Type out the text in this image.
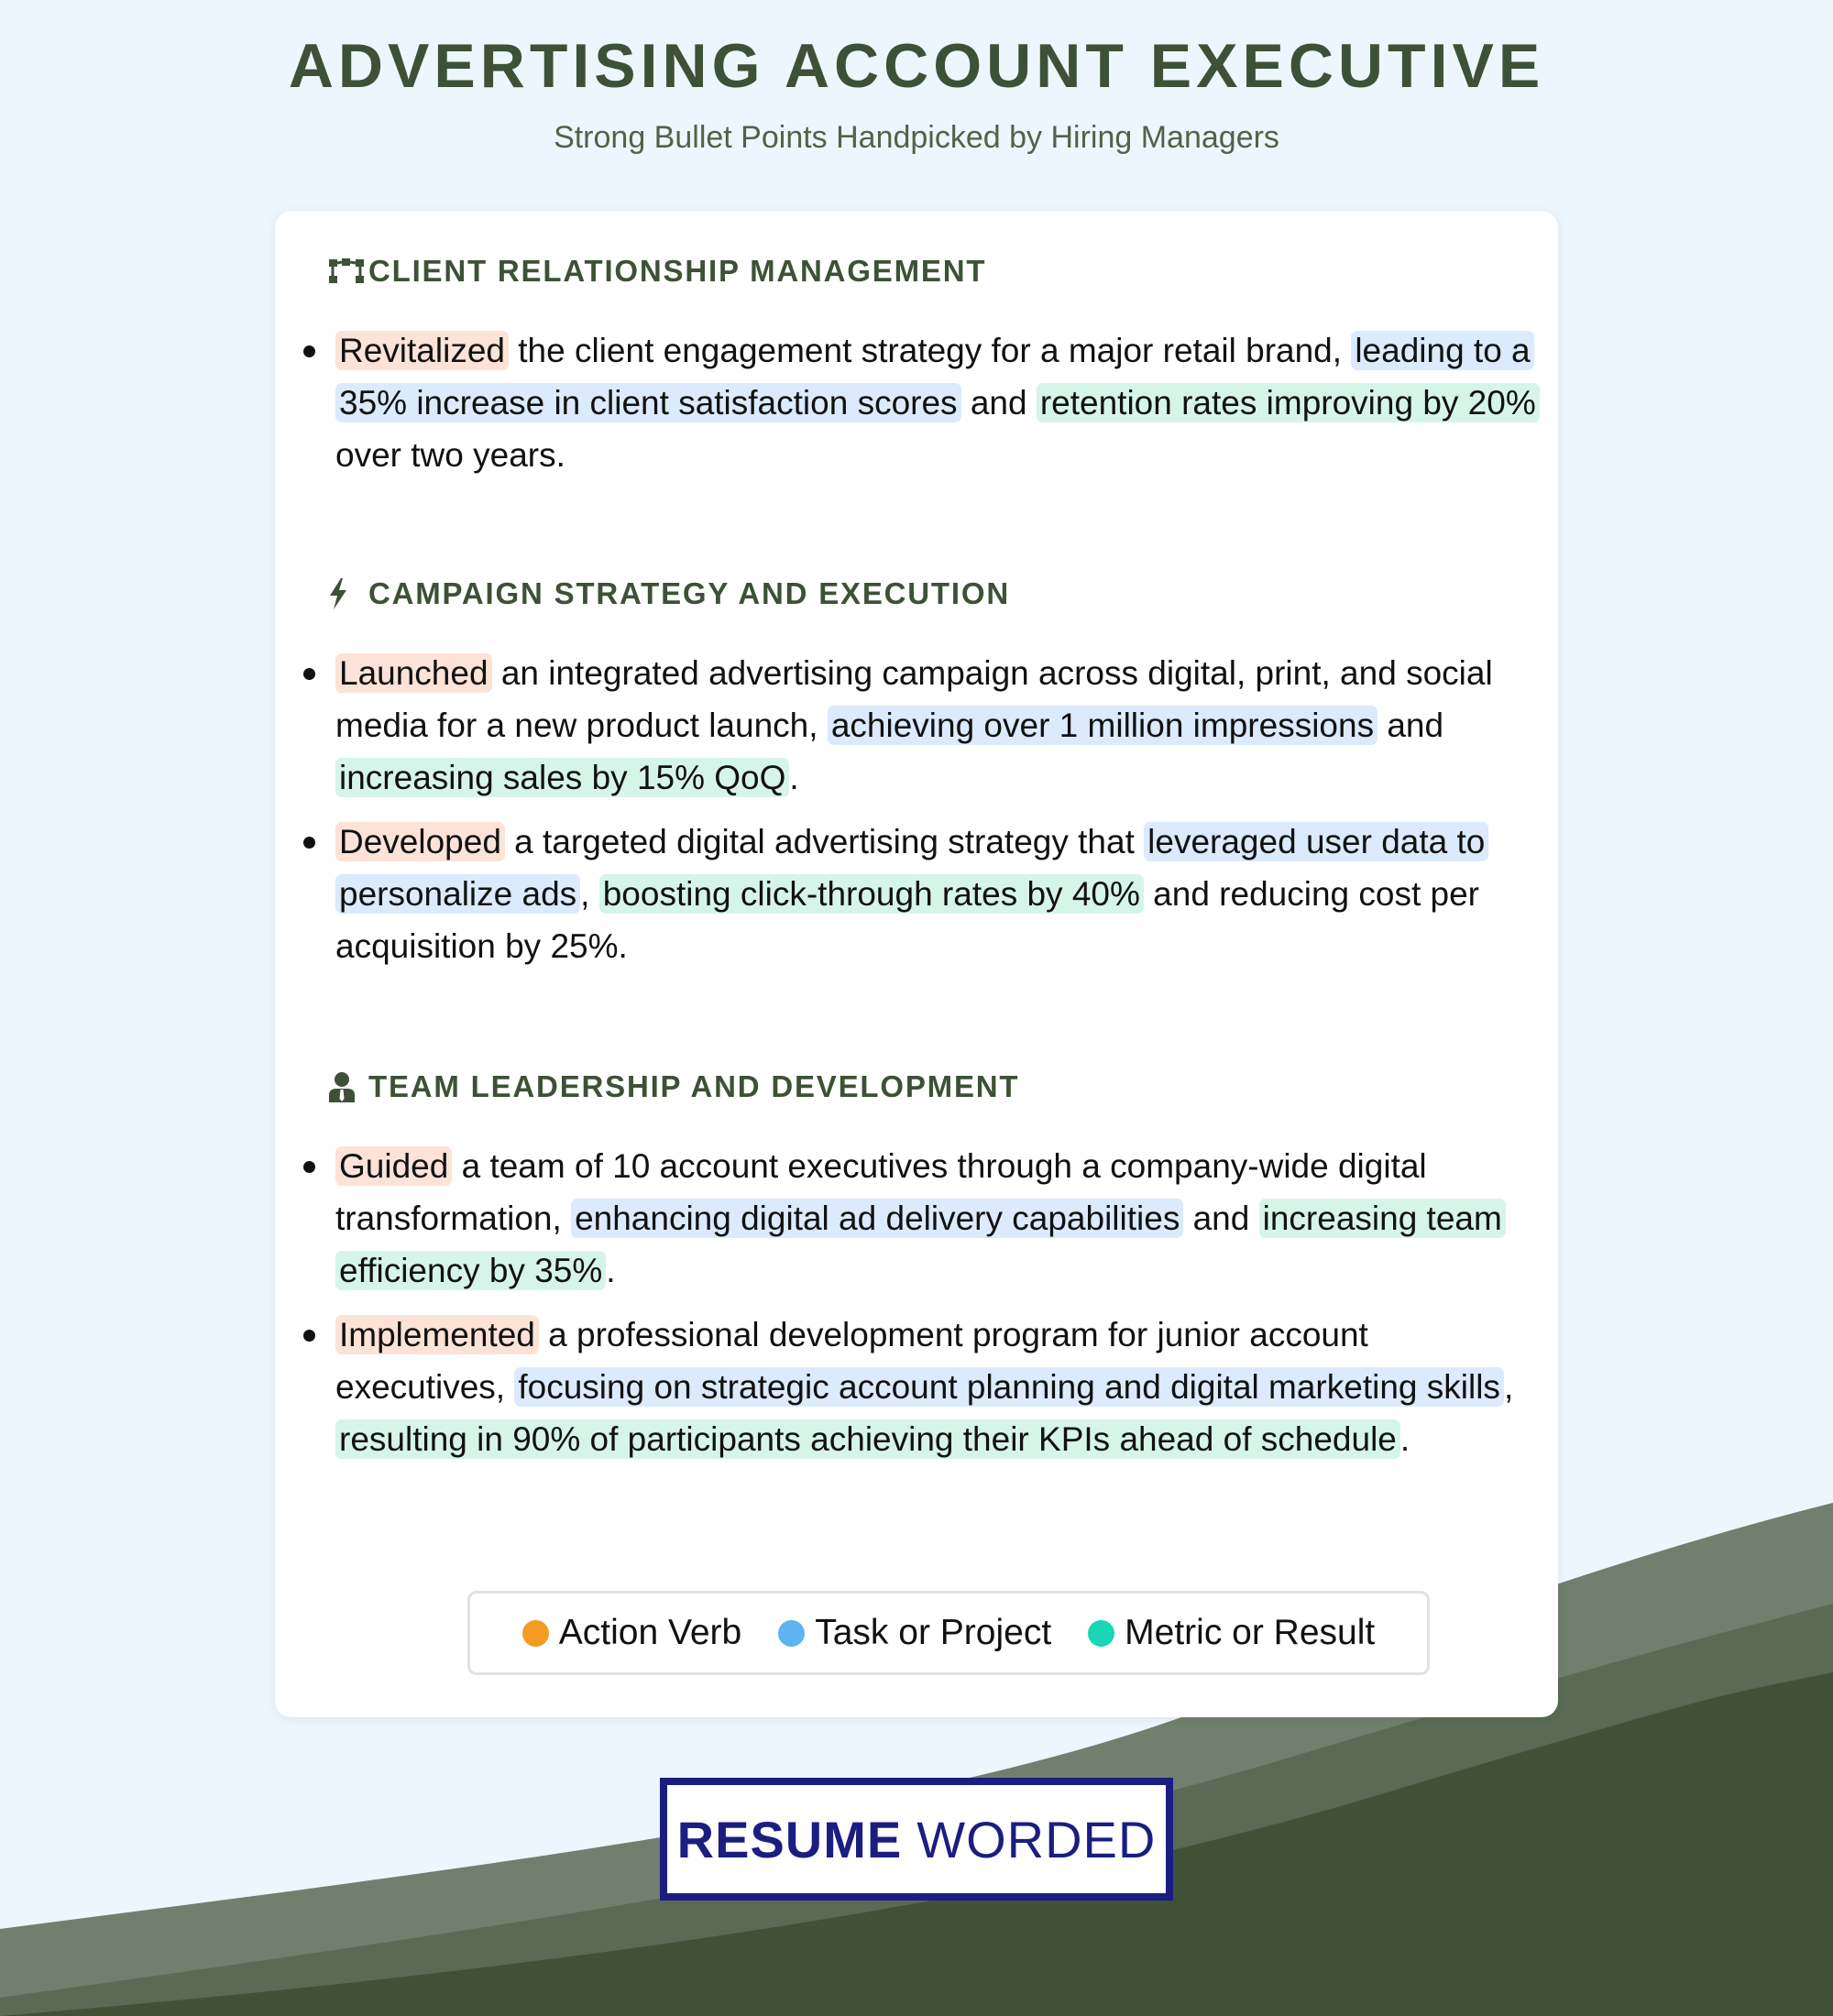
ADVERTISING ACCOUNT EXECUTIVE
Strong Bullet Points Handpicked by Hiring Managers
CLIENT RELATIONSHIP MANAGEMENT
Revitalized the client engagement strategy for a major retail brand, leading to a 35% increase in client satisfaction scores and retention rates improving by 20% over two years.
CAMPAIGN STRATEGY AND EXECUTION
Launched an integrated advertising campaign across digital, print, and social media for a new product launch, achieving over 1 million impressions and increasing sales by 15% QoQ .
Developed a targeted digital advertising strategy that leveraged user data to personalize ads , boosting click-through rates by 40% and reducing cost per acquisition by 25%.
TEAM LEADERSHIP AND DEVELOPMENT
Guided a team of 10 account executives through a company-wide digital transformation, enhancing digital ad delivery capabilities and increasing team efficiency by 35% .
Implemented a professional development program for junior account executives, focusing on strategic account planning and digital marketing skills , resulting in 90% of participants achieving their KPIs ahead of schedule .
Action Verb Task or Project Metric or Result
RESUME WORDED
